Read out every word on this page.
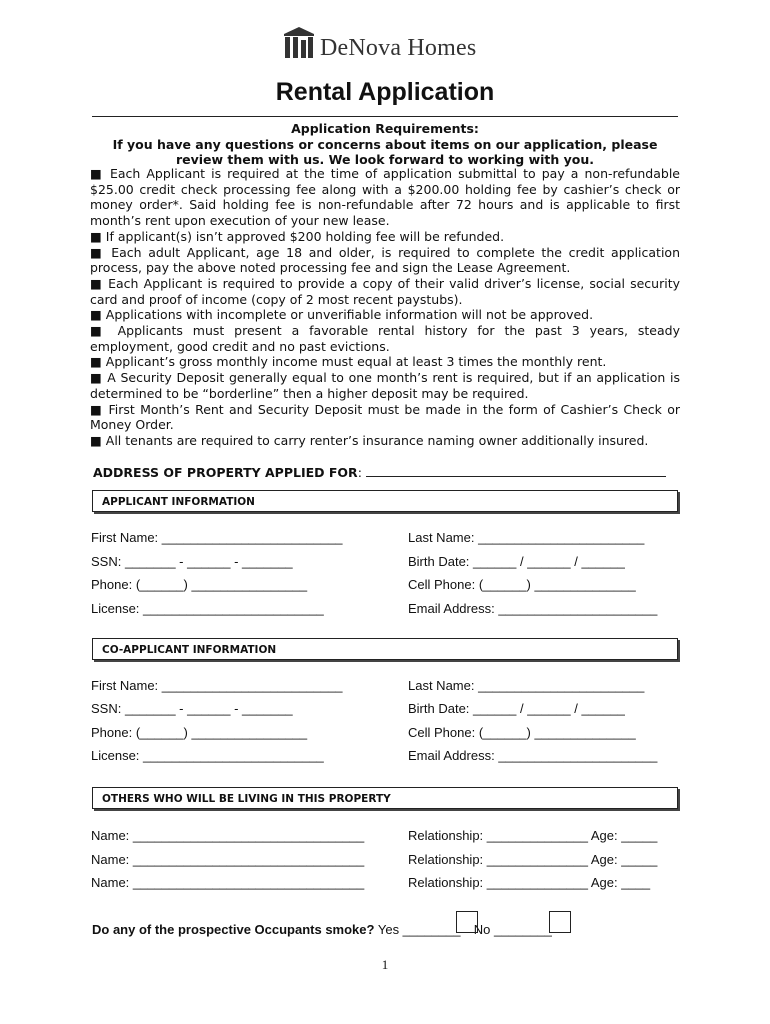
DeNova Homes
Rental Application
Application Requirements:
If you have any questions or concerns about items on our application, please review them with us. We look forward to working with you.

■ Each Applicant is required at the time of application submittal to pay a non-refundable $25.00 credit check processing fee along with a $200.00 holding fee by cashier’s check or money order*. Said holding fee is non-refundable after 72 hours and is applicable to first month’s rent upon execution of your new lease.

■ If applicant(s) isn’t approved $200 holding fee will be refunded.

■ Each adult Applicant, age 18 and older, is required to complete the credit application process, pay the above noted processing fee and sign the Lease Agreement.

■ Each Applicant is required to provide a copy of their valid driver’s license, social security card and proof of income (copy of 2 most recent paystubs).

■ Applications with incomplete or unverifiable information will not be approved.

■ Applicants must present a favorable rental history for the past 3 years, steady employment, good credit and no past evictions.

■ Applicant’s gross monthly income must equal at least 3 times the monthly rent.

■ A Security Deposit generally equal to one month’s rent is required, but if an application is determined to be “borderline” then a higher deposit may be required.

■ First Month’s Rent and Security Deposit must be made in the form of Cashier’s Check or Money Order.

■ All tenants are required to carry renter’s insurance naming owner additionally insured.

ADDRESS OF PROPERTY APPLIED FOR:
APPLICANT INFORMATION
First Name: _________________________	Last Name: _______________________
SSN: _______ - ______ - _______	Birth Date: ______ / ______ / ______
Phone: (______) ________________	Cell Phone: (______) ______________
License: _________________________	Email Address: ______________________
CO-APPLICANT INFORMATION
First Name: _________________________	Last Name: _______________________
SSN: _______ - ______ - _______	Birth Date: ______ / ______ / ______
Phone: (______) ________________	Cell Phone: (______) ______________
License: _________________________	Email Address: ______________________
OTHERS WHO WILL BE LIVING IN THIS PROPERTY
Name: ________________________________	Relationship: ______________ Age: _____
Name: ________________________________	Relationship: ______________ Age: _____
Name: ________________________________	Relationship: ______________ Age: ____
Do any of the prospective Occupants smoke? Yes ________ No ________
1
